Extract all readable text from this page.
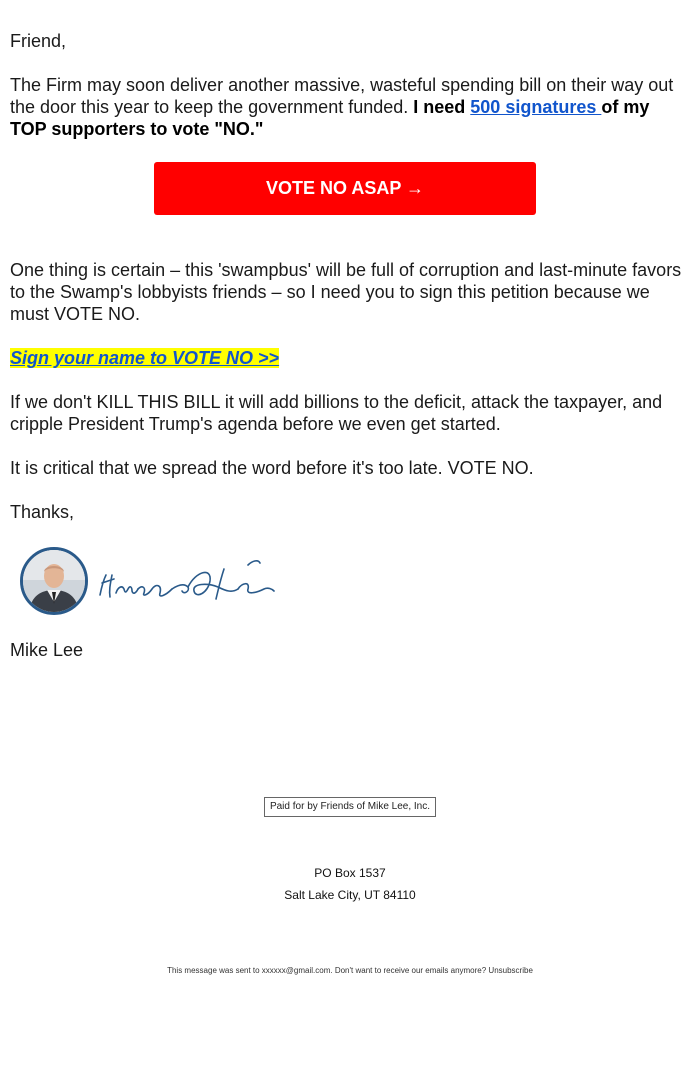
Friend,

The Firm may soon deliver another massive, wasteful spending bill on their way out the door this year to keep the government funded. I need 500 signatures of my TOP supporters to vote "NO."

VOTE NO ASAP →

One thing is certain – this 'swampbus' will be full of corruption and last-minute favors to the Swamp's lobbyists friends – so I need you to sign this petition because we must VOTE NO.

Sign your name to VOTE NO >>

If we don't KILL THIS BILL it will add billions to the deficit, attack the taxpayer, and cripple President Trump's agenda before we even get started.

It is critical that we spread the word before it's too late. VOTE NO.

Thanks,

Mike Lee

Paid for by Friends of Mike Lee, Inc.
PO Box 1537
Salt Lake City, UT 84110
This message was sent to xxxxxx@gmail.com. Don't want to receive our emails anymore? Unsubscribe
